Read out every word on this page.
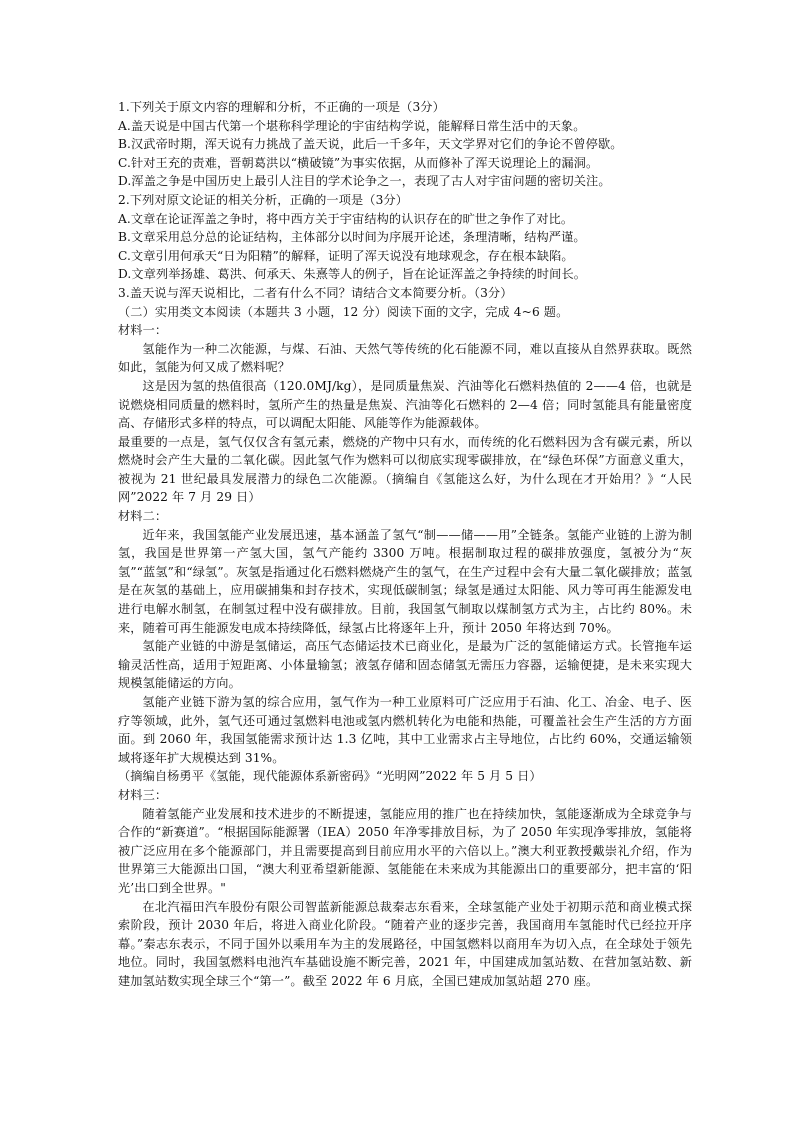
1.下列关于原文内容的理解和分析，不正确的一项是（3分）

A.盖天说是中国古代第一个堪称科学理论的宇宙结构学说，能解释日常生活中的天象。

B.汉武帝时期，浑天说有力挑战了盖天说，此后一千多年，天文学界对它们的争论不曾停歇。

C.针对王充的责难，晋朝葛洪以“横破镜”为事实依据，从而修补了浑天说理论上的漏洞。

D.浑盖之争是中国历史上最引人注目的学术论争之一，表现了古人对宇宙问题的密切关注。

2.下列对原文论证的相关分析，正确的一项是（3分）

A.文章在论证浑盖之争时，将中西方关于宇宙结构的认识存在的旷世之争作了对比。

B.文章采用总分总的论证结构，主体部分以时间为序展开论述，条理清晰，结构严谨。

C.文章引用何承天“日为阳精”的解释，证明了浑天说没有地球观念，存在根本缺陷。

D.文章列举扬雄、葛洪、何承天、朱熹等人的例子，旨在论证浑盖之争持续的时间长。

3.盖天说与浑天说相比，二者有什么不同？请结合文本简要分析。（3分）

（二）实用类文本阅读（本题共 3 小题，12 分）阅读下面的文字，完成 4~6 题。

材料一：

氢能作为一种二次能源，与煤、石油、天然气等传统的化石能源不同，难以直接从自然界获取。既然如此，氢能为何又成了燃料呢？

这是因为氢的热值很高（120.0MJ/kg），是同质量焦炭、汽油等化石燃料热值的 2——4 倍，也就是说燃烧相同质量的燃料时，氢所产生的热量是焦炭、汽油等化石燃料的 2—4 倍；同时氢能具有能量密度高、存储形式多样的特点，可以调配太阳能、风能等作为能源载体。

最重要的一点是，氢气仅仅含有氢元素，燃烧的产物中只有水，而传统的化石燃料因为含有碳元素，所以燃烧时会产生大量的二氧化碳。因此氢气作为燃料可以彻底实现零碳排放，在“绿色环保”方面意义重大，被视为 21 世纪最具发展潜力的绿色二次能源。（摘编自《氢能这么好，为什么现在才开始用？》“人民网”2022 年 7 月 29 日）

材料二：

近年来，我国氢能产业发展迅速，基本涵盖了氢气“制——储——用”全链条。氢能产业链的上游为制氢，我国是世界第一产氢大国，氢气产能约 3300 万吨。根据制取过程的碳排放强度，氢被分为“灰氢”“蓝氢”和“绿氢”。灰氢是指通过化石燃料燃烧产生的氢气，在生产过程中会有大量二氧化碳排放；蓝氢是在灰氢的基础上，应用碳捕集和封存技术，实现低碳制氢；绿氢是通过太阳能、风力等可再生能源发电进行电解水制氢，在制氢过程中没有碳排放。目前，我国氢气制取以煤制氢方式为主，占比约 80%。未来，随着可再生能源发电成本持续降低，绿氢占比将逐年上升，预计 2050 年将达到 70%。

氢能产业链的中游是氢储运，高压气态储运技术已商业化，是最为广泛的氢能储运方式。长管拖车运输灵活性高，适用于短距离、小体量输氢；液氢存储和固态储氢无需压力容器，运输便捷，是未来实现大规模氢能储运的方向。

氢能产业链下游为氢的综合应用，氢气作为一种工业原料可广泛应用于石油、化工、冶金、电子、医疗等领域，此外，氢气还可通过氢燃料电池或氢内燃机转化为电能和热能，可覆盖社会生产生活的方方面面。到 2060 年，我国氢能需求预计达 1.3 亿吨，其中工业需求占主导地位，占比约 60%，交通运输领域将逐年扩大规模达到 31%。

（摘编自杨勇平《氢能，现代能源体系新密码》“光明网”2022 年 5 月 5 日）

材料三：

随着氢能产业发展和技术进步的不断提速，氢能应用的推广也在持续加快，氢能逐渐成为全球竞争与合作的“新赛道”。“根据国际能源署（IEA）2050 年净零排放目标，为了 2050 年实现净零排放，氢能将被广泛应用在多个能源部门，并且需要提高到目前应用水平的六倍以上。”澳大利亚教授戴崇礼介绍，作为世界第三大能源出口国，“澳大利亚希望新能源、氢能能在未来成为其能源出口的重要部分，把丰富的‘阳光’出口到全世界。"

在北汽福田汽车股份有限公司智蓝新能源总裁秦志东看来，全球氢能产业处于初期示范和商业模式探索阶段，预计 2030 年后，将进入商业化阶段。“随着产业的逐步完善，我国商用车氢能时代已经拉开序幕。”秦志东表示，不同于国外以乘用车为主的发展路径，中国氢燃料以商用车为切入点，在全球处于领先地位。同时，我国氢燃料电池汽车基础设施不断完善，2021 年，中国建成加氢站数、在营加氢站数、新建加氢站数实现全球三个“第一”。截至 2022 年 6 月底，全国已建成加氢站超 270 座。
